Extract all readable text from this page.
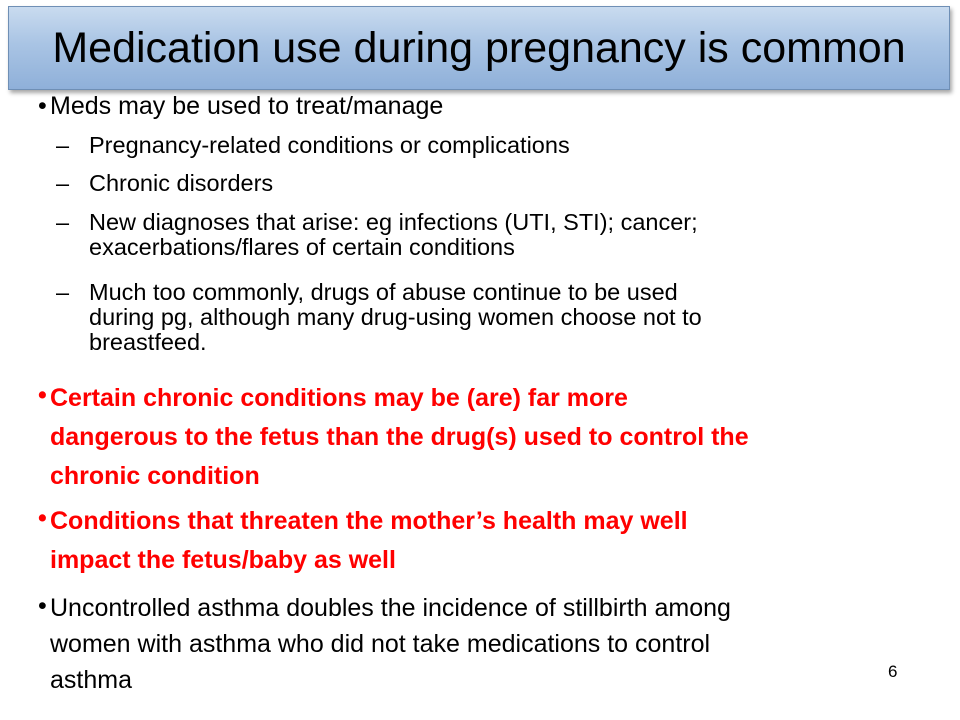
Medication use during pregnancy is common
• Meds may be used to treat/manage
– Pregnancy-related conditions or complications
– Chronic disorders
– New diagnoses that arise: eg infections (UTI, STI); cancer;
exacerbations/flares of certain conditions
– Much too commonly, drugs of abuse continue to be used
during pg, although many drug-using women choose not to
breastfeed.
• Certain chronic conditions may be (are) far more
dangerous to the fetus than the drug(s) used to control the
chronic condition
• Conditions that threaten the mother’s health may well
impact the fetus/baby as well
• Uncontrolled asthma doubles the incidence of stillbirth among
women with asthma who did not take medications to control
asthma	6
